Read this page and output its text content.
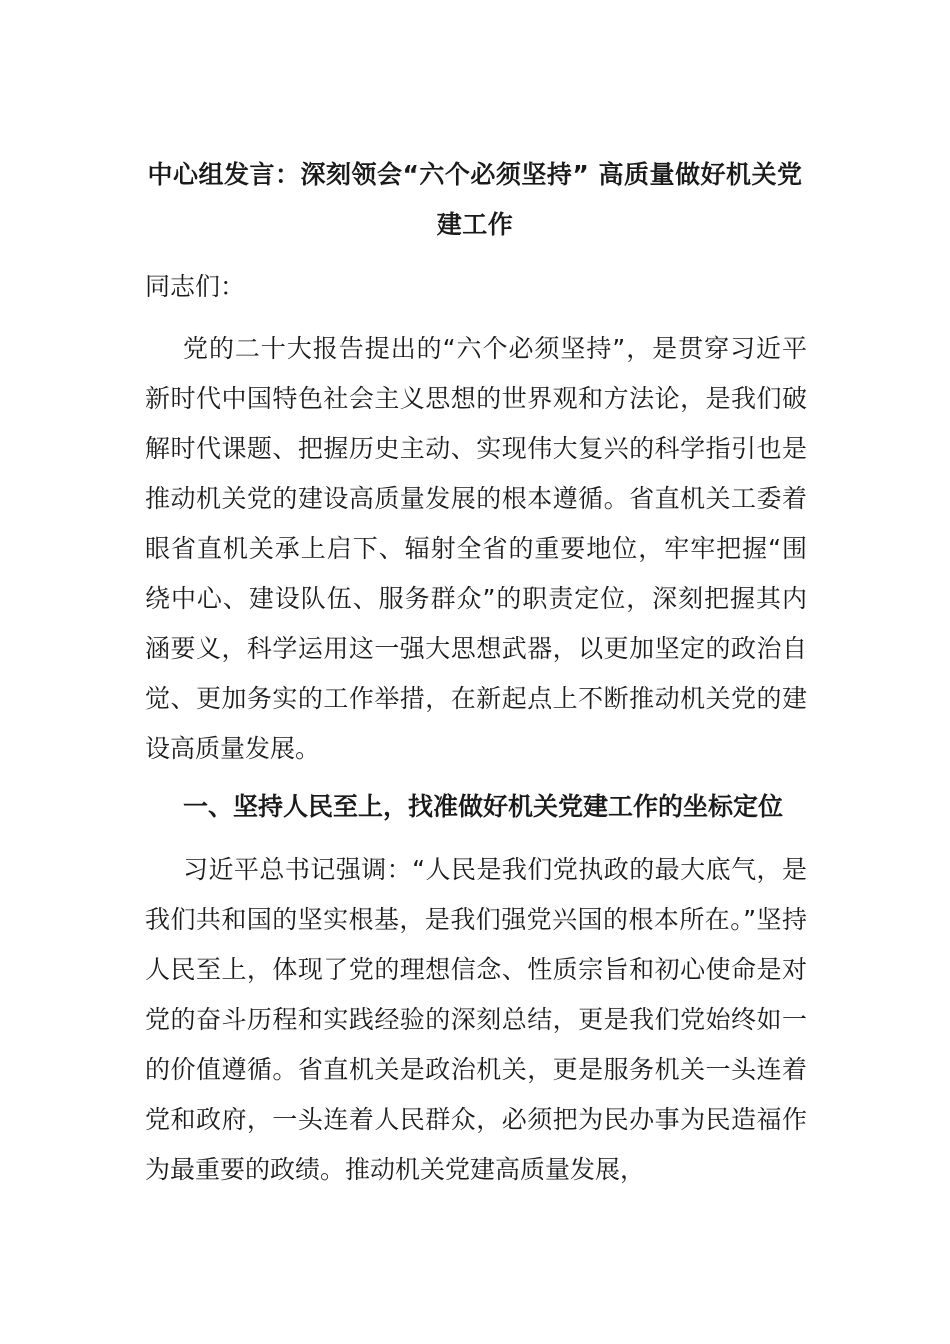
中心组发言：深刻领会“六个必须坚持” 高质量做好机关党建工作

同志们：

党的二十大报告提出的“六个必须坚持”，是贯穿习近平新时代中国特色社会主义思想的世界观和方法论，是我们破解时代课题、把握历史主动、实现伟大复兴的科学指引也是推动机关党的建设高质量发展的根本遵循。省直机关工委着眼省直机关承上启下、辐射全省的重要地位，牢牢把握“围绕中心、建设队伍、服务群众”的职责定位，深刻把握其内涵要义，科学运用这一强大思想武器，以更加坚定的政治自觉、更加务实的工作举措，在新起点上不断推动机关党的建设高质量发展。

一、坚持人民至上，找准做好机关党建工作的坐标定位

习近平总书记强调：“人民是我们党执政的最大底气，是我们共和国的坚实根基，是我们强党兴国的根本所在。”坚持人民至上，体现了党的理想信念、性质宗旨和初心使命是对党的奋斗历程和实践经验的深刻总结，更是我们党始终如一的价值遵循。省直机关是政治机关，更是服务机关一头连着党和政府，一头连着人民群众，必须把为民办事为民造福作为最重要的政绩。推动机关党建高质量发展，
